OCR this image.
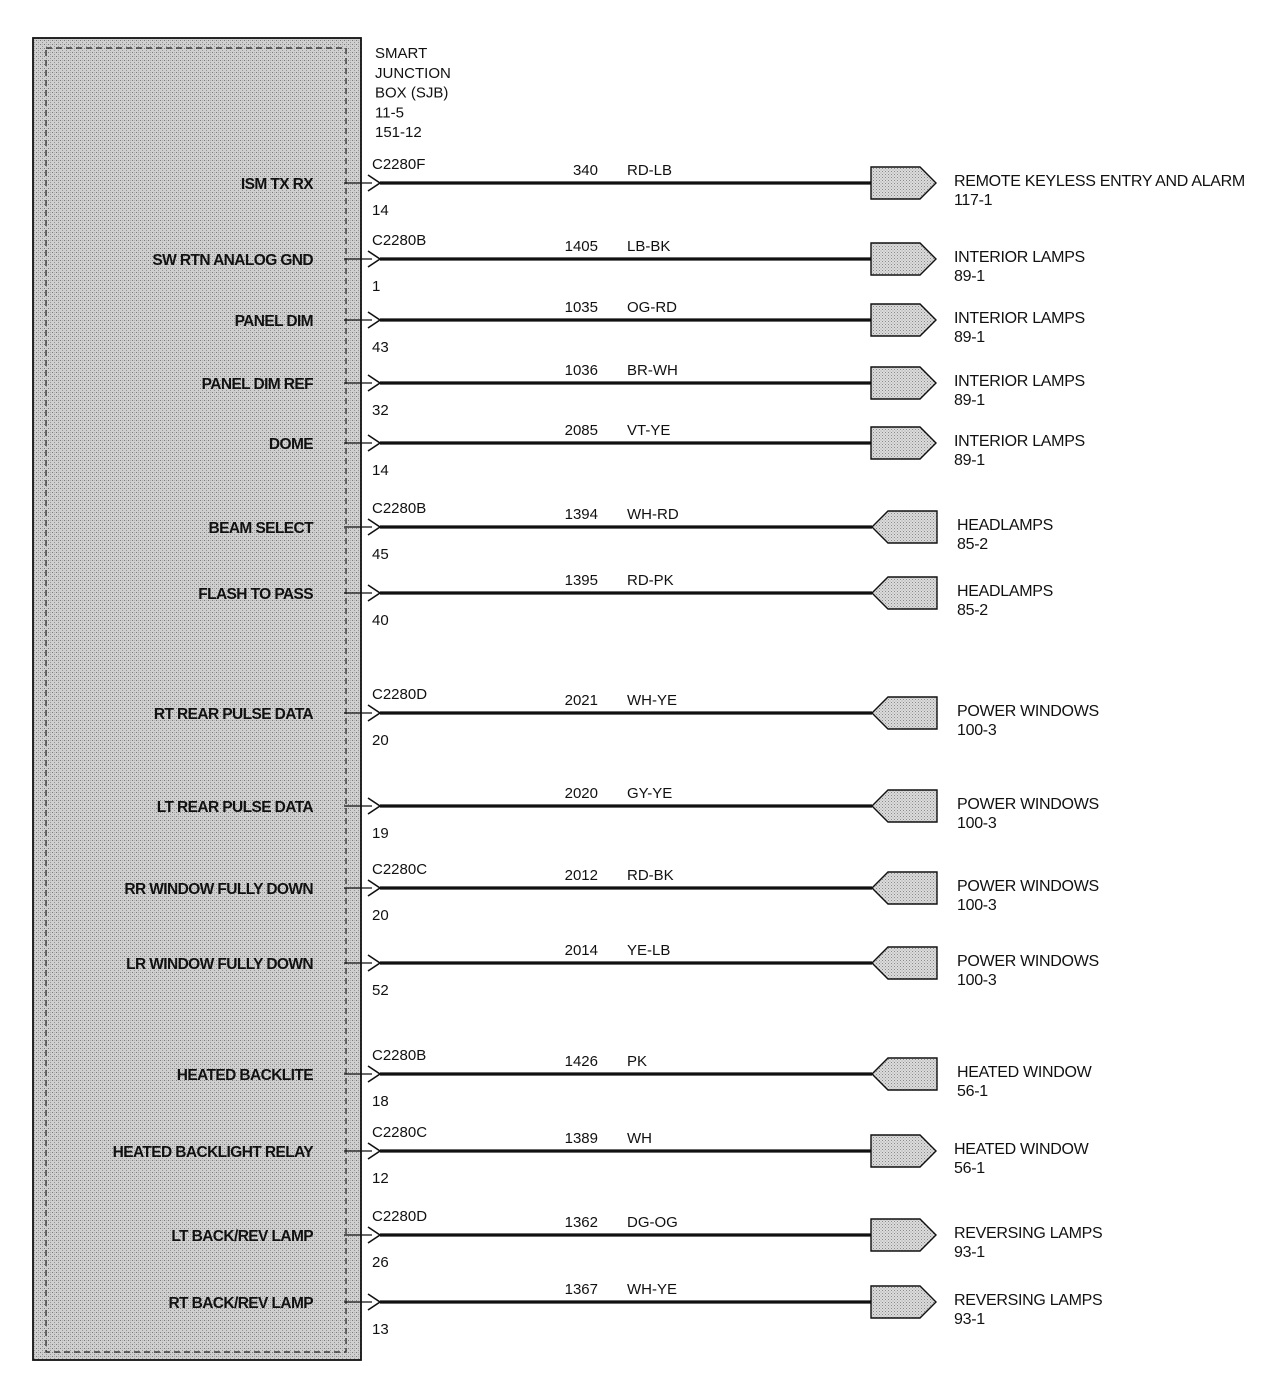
SMART
JUNCTION
BOX (SJB)
11-5
151-12
ISM TX RX
C2280F
14
340 RD-LB
REMOTE KEYLESS ENTRY AND ALARM
117-1
SW RTN ANALOG GND
C2280B
1
1405 LB-BK
INTERIOR LAMPS
89-1
PANEL DIM
43
1035 OG-RD
INTERIOR LAMPS
89-1
PANEL DIM REF
32
1036 BR-WH
INTERIOR LAMPS
89-1
DOME
14
2085 VT-YE
INTERIOR LAMPS
89-1
BEAM SELECT
C2280B
45
1394 WH-RD
HEADLAMPS
85-2
FLASH TO PASS
40
1395 RD-PK
HEADLAMPS
85-2
RT REAR PULSE DATA
C2280D
20
2021 WH-YE
POWER WINDOWS
100-3
LT REAR PULSE DATA
19
2020 GY-YE
POWER WINDOWS
100-3
RR WINDOW FULLY DOWN
C2280C
20
2012 RD-BK
POWER WINDOWS
100-3
LR WINDOW FULLY DOWN
52
2014 YE-LB
POWER WINDOWS
100-3
HEATED BACKLITE
C2280B
18
1426 PK
HEATED WINDOW
56-1
HEATED BACKLIGHT RELAY
C2280C
12
1389 WH
HEATED WINDOW
56-1
LT BACK/REV LAMP
C2280D
26
1362 DG-OG
REVERSING LAMPS
93-1
RT BACK/REV LAMP
13
1367 WH-YE
REVERSING LAMPS
93-1
